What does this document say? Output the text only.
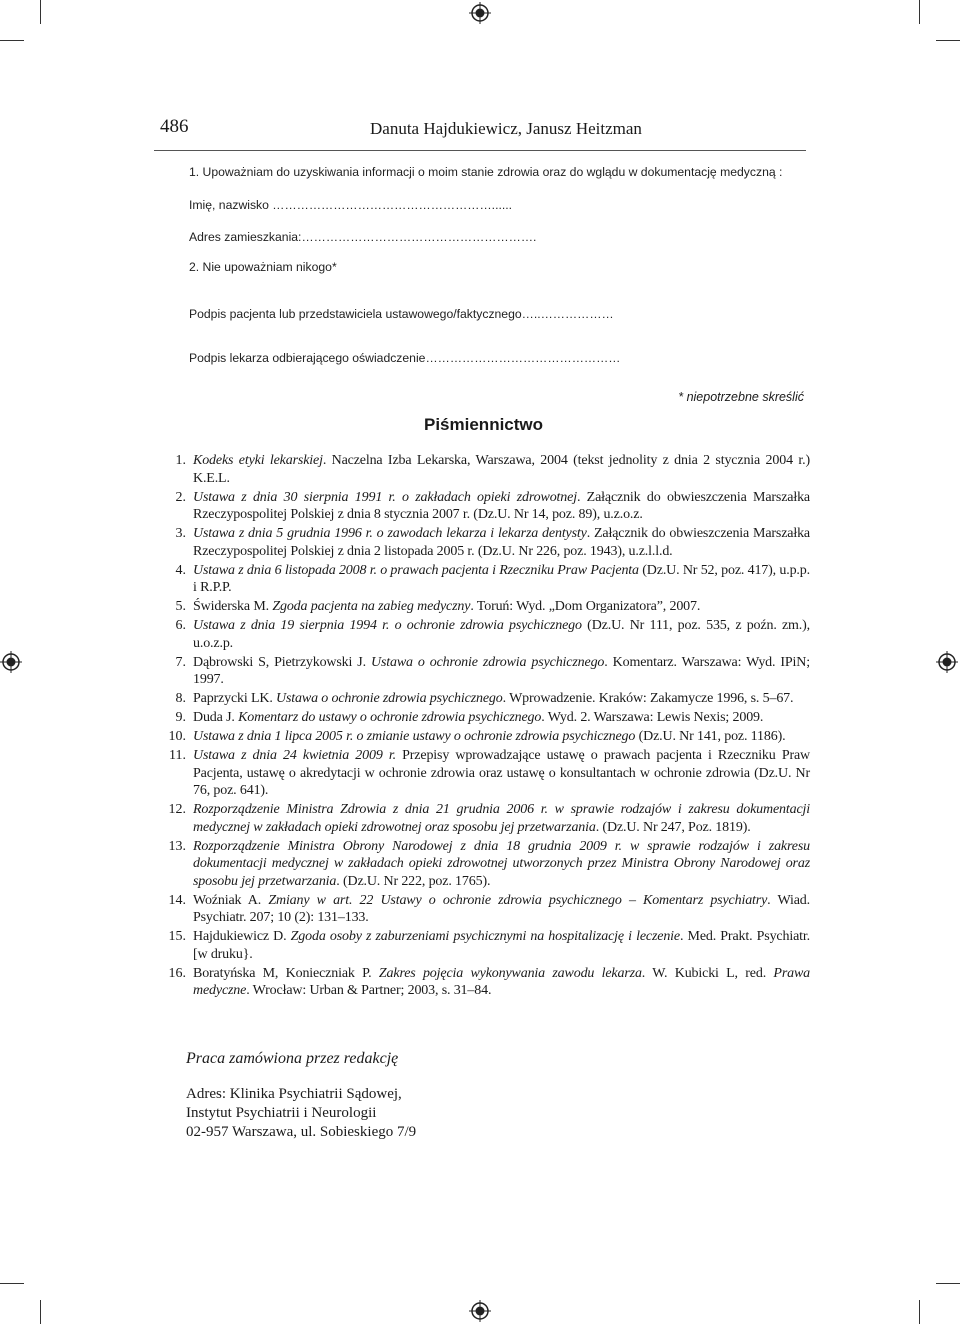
486	Danuta Hajdukiewicz, Janusz Heitzman
1. Upoważniam do uzyskiwania informacji o moim stanie zdrowia oraz do wglądu w dokumentację medyczną :
Imię, nazwisko ………………………………………………......
Adres zamieszkania:………………………………………………….
2. Nie upoważniam nikogo*
Podpis pacjenta lub przedstawiciela ustawowego/faktycznego…..………………
Podpis lekarza odbierającego oświadczenie…………………………………………
* niepotrzebne skreślić
Piśmiennictwo
1. Kodeks etyki lekarskiej. Naczelna Izba Lekarska, Warszawa, 2004 (tekst jednolity z dnia 2 stycznia 2004 r.) K.E.L.
2. Ustawa z dnia 30 sierpnia 1991 r. o zakładach opieki zdrowotnej. Załącznik do obwieszczenia Marszałka Rzeczypospolitej Polskiej z dnia 8 stycznia 2007 r. (Dz.U. Nr 14, poz. 89), u.z.o.z.
3. Ustawa z dnia 5 grudnia 1996 r. o zawodach lekarza i lekarza dentysty. Załącznik do obwieszczenia Marszałka Rzeczypospolitej Polskiej z dnia 2 listopada 2005 r. (Dz.U. Nr 226, poz. 1943), u.z.l.l.d.
4. Ustawa z dnia 6 listopada 2008 r. o prawach pacjenta i Rzeczniku Praw Pacjenta (Dz.U. Nr 52, poz. 417), u.p.p. i R.P.P.
5. Świderska M. Zgoda pacjenta na zabieg medyczny. Toruń: Wyd. „Dom Organizatora”, 2007.
6. Ustawa z dnia 19 sierpnia 1994 r. o ochronie zdrowia psychicznego (Dz.U. Nr 111, poz. 535, z poźn. zm.), u.o.z.p.
7. Dąbrowski S, Pietrzykowski J. Ustawa o ochronie zdrowia psychicznego. Komentarz. Warszawa: Wyd. IPiN; 1997.
8. Paprzycki LK. Ustawa o ochronie zdrowia psychicznego. Wprowadzenie. Kraków: Zakamycze 1996, s. 5–67.
9. Duda J. Komentarz do ustawy o ochronie zdrowia psychicznego. Wyd. 2. Warszawa: Lewis Nexis; 2009.
10. Ustawa z dnia 1 lipca 2005 r. o zmianie ustawy o ochronie zdrowia psychicznego (Dz.U. Nr 141, poz. 1186).
11. Ustawa z dnia 24 kwietnia 2009 r. Przepisy wprowadzające ustawę o prawach pacjenta i Rzeczniku Praw Pacjenta, ustawę o akredytacji w ochronie zdrowia oraz ustawę o konsultantach w ochronie zdrowia (Dz.U. Nr 76, poz. 641).
12. Rozporządzenie Ministra Zdrowia z dnia 21 grudnia 2006 r. w sprawie rodzajów i zakresu dokumentacji medycznej w zakładach opieki zdrowotnej oraz sposobu jej przetwarzania. (Dz.U. Nr 247, Poz. 1819).
13. Rozporządzenie Ministra Obrony Narodowej z dnia 18 grudnia 2009 r. w sprawie rodzajów i zakresu dokumentacji medycznej w zakładach opieki zdrowotnej utworzonych przez Ministra Obrony Narodowej oraz sposobu jej przetwarzania. (Dz.U. Nr 222, poz. 1765).
14. Woźniak A. Zmiany w art. 22 Ustawy o ochronie zdrowia psychicznego – Komentarz psychiatry. Wiad. Psychiatr. 207; 10 (2): 131–133.
15. Hajdukiewicz D. Zgoda osoby z zaburzeniami psychicznymi na hospitalizację i leczenie. Med. Prakt. Psychiatr. [w druku}.
16. Boratyńska M, Konieczniak P. Zakres pojęcia wykonywania zawodu lekarza. W. Kubicki L, red. Prawa medyczne. Wrocław: Urban & Partner; 2003, s. 31–84.
Praca zamówiona przez redakcję
Adres: Klinika Psychiatrii Sądowej,
Instytut Psychiatrii i Neurologii
02-957 Warszawa, ul. Sobieskiego 7/9
